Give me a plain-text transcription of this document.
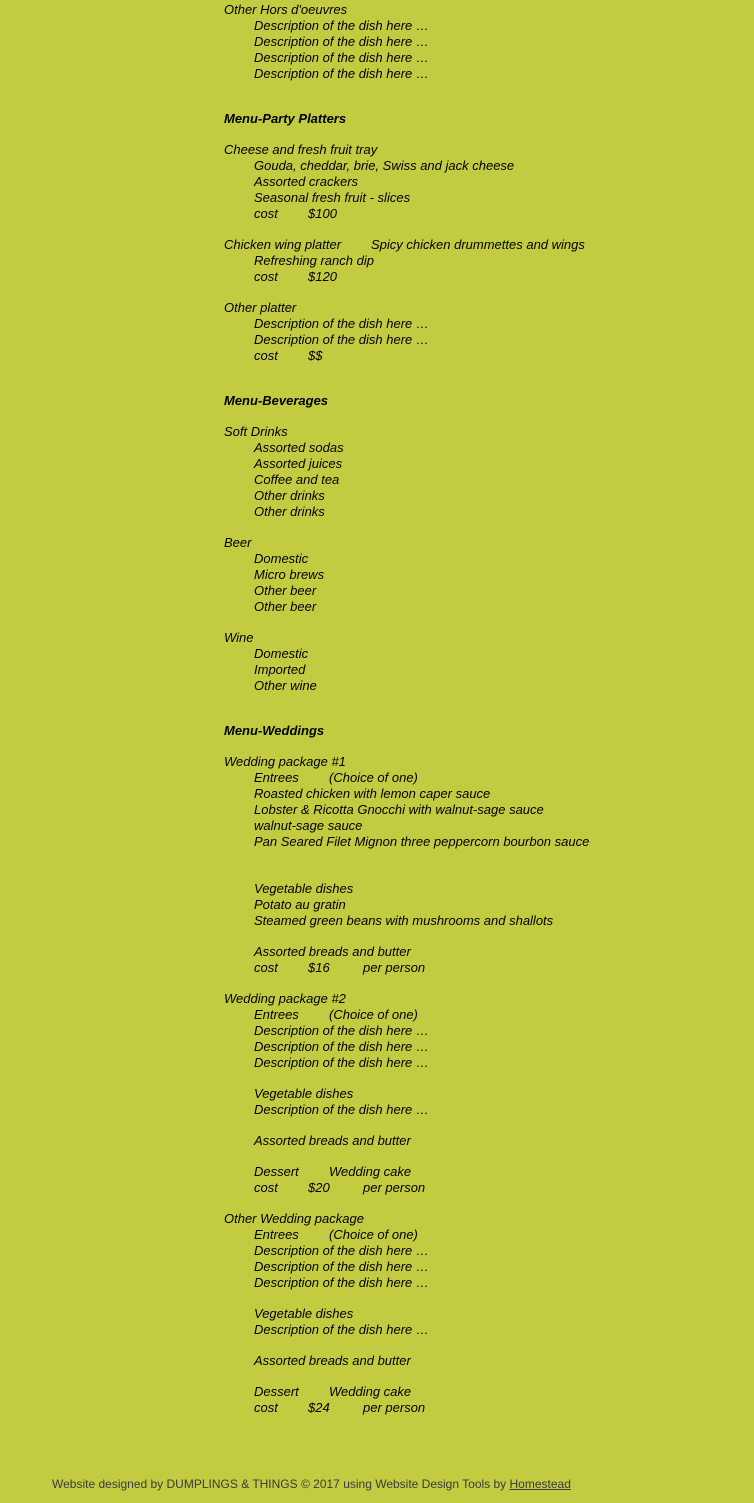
Other Hors d'oeuvres
Description of the dish here …
Description of the dish here …
Description of the dish here …
Description of the dish here …
Menu-Party Platters
Cheese and fresh fruit tray
Gouda, cheddar, brie, Swiss and jack cheese
Assorted crackers
Seasonal fresh fruit - slices

cost

$100

Chicken wing platter

Spicy chicken drummettes and wings

Refreshing ranch dip

cost

$120

Other platter
Description of the dish here …
Description of the dish here …

cost

$$

Menu-Beverages
Soft Drinks
Assorted sodas
Assorted juices
Coffee and tea
Other drinks
Other drinks
Beer
Domestic
Micro brews
Other beer
Other beer
Wine
Domestic
Imported
Other wine
Menu-Weddings
Wedding package #1

Entrees

(Choice of one)

Roasted chicken with lemon caper sauce
Lobster & Ricotta Gnocchi with walnut-sage sauce
walnut-sage sauce
Pan Seared Filet Mignon three peppercorn bourbon sauce
Vegetable dishes
Potato au gratin
Steamed green beans with mushrooms and shallots
Assorted breads and butter

cost

$16

	per person

Wedding package #2

Entrees

(Choice of one)

Description of the dish here …
Description of the dish here …
Description of the dish here …
Vegetable dishes
Description of the dish here …
Assorted breads and butter

Dessert

Wedding cake

cost

$20

	per person

Other Wedding package

Entrees

(Choice of one)

Description of the dish here …
Description of the dish here …
Description of the dish here …
Vegetable dishes
Description of the dish here …
Assorted breads and butter

Dessert

Wedding cake

cost

$24

	per person

Website designed by DUMPLINGS & THINGS © 2017 using Website Design Tools by Homestead
